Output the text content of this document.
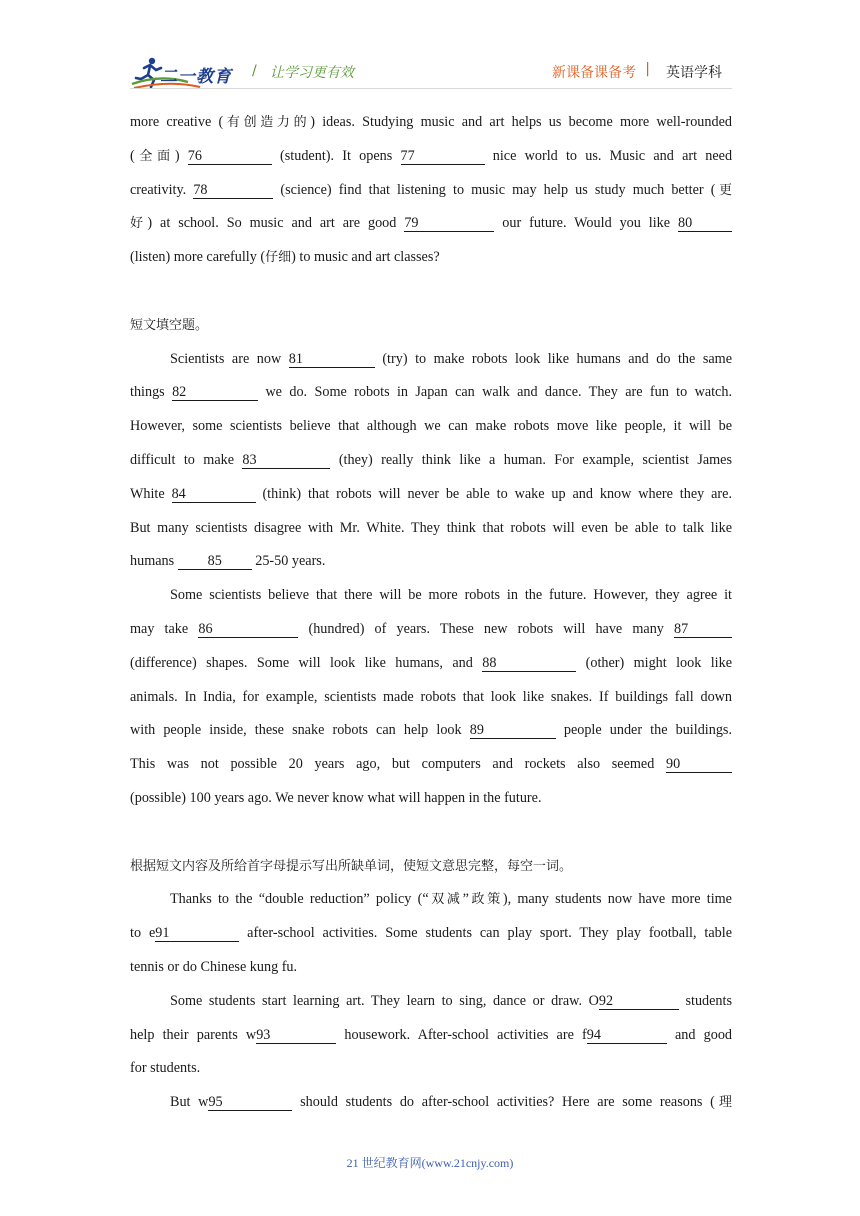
二一教育 / 让学习更有效	新课备课备考 | 英语学科
more creative (有创造力的) ideas. Studying music and art helps us become more well-rounded
(全面) 76	(student). It opens 77	nice world to us. Music and art need
creativity. 78	(science) find that listening to music may help us study much better (更
好) at school. So music and art are good 79	our future. Would you like 80
(listen) more carefully (仔细) to music and art classes?
短文填空题。
Scientists are now 81	(try) to make robots look like humans and do the same
things 82	we do. Some robots in Japan can walk and dance. They are fun to watch.
However, some scientists believe that although we can make robots move like people, it will be
difficult to make 83	(they) really think like a human. For example, scientist James
White 84	(think) that robots will never be able to wake up and know where they are.
But many scientists disagree with Mr. White. They think that robots will even be able to talk like
humans 85 25-50 years.
Some scientists believe that there will be more robots in the future. However, they agree it
may take 86	(hundred) of years. These new robots will have many 87
(difference) shapes. Some will look like humans, and 88	(other) might look like
animals. In India, for example, scientists made robots that look like snakes. If buildings fall down
with people inside, these snake robots can help look 89	people under the buildings.
This was not possible 20 years ago, but computers and rockets also seemed 90
(possible) 100 years ago. We never know what will happen in the future.
根据短文内容及所给首字母提示写出所缺单词，使短文意思完整，每空一词。
Thanks to the “double reduction” policy (“双减”政策), many students now have more time
to e91	after-school activities. Some students can play sport. They play football, table
tennis or do Chinese kung fu.
Some students start learning art. They learn to sing, dance or draw. O92	students
help their parents w93	housework. After-school activities are f94	and good
for students.
But w95	should students do after-school activities? Here are some reasons (理
21 世纪教育网(www.21cnjy.com)
